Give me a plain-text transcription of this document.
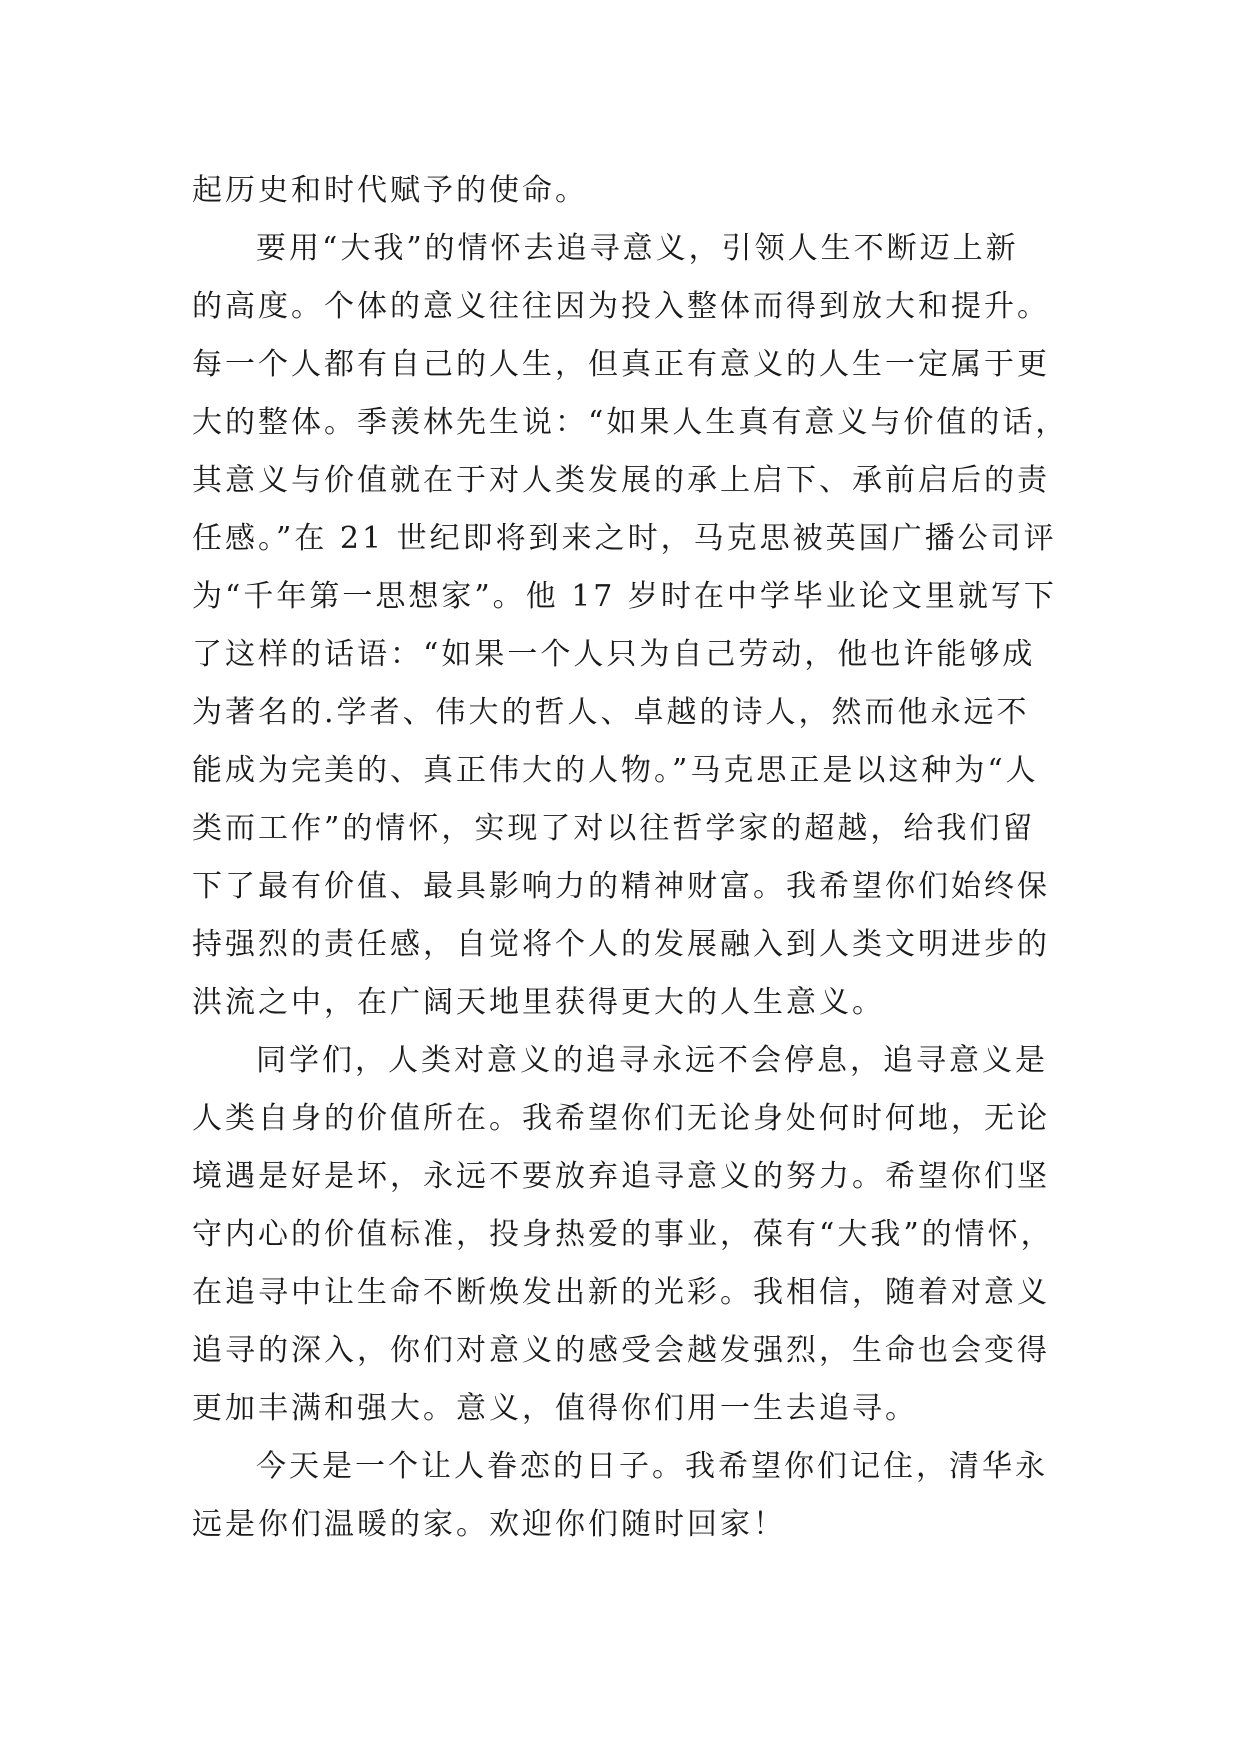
起历史和时代赋予的使命。
要用“大我”的情怀去追寻意义，引领人生不断迈上新
的高度。个体的意义往往因为投入整体而得到放大和提升。
每一个人都有自己的人生，但真正有意义的人生一定属于更
大的整体。季羡林先生说：“如果人生真有意义与价值的话，
其意义与价值就在于对人类发展的承上启下、承前启后的责
任感。”在 21 世纪即将到来之时，马克思被英国广播公司评
为“千年第一思想家”。他 17 岁时在中学毕业论文里就写下
了这样的话语：“如果一个人只为自己劳动，他也许能够成
为著名的.学者、伟大的哲人、卓越的诗人，然而他永远不
能成为完美的、真正伟大的人物。”马克思正是以这种为“人
类而工作”的情怀，实现了对以往哲学家的超越，给我们留
下了最有价值、最具影响力的精神财富。我希望你们始终保
持强烈的责任感，自觉将个人的发展融入到人类文明进步的
洪流之中，在广阔天地里获得更大的人生意义。
同学们，人类对意义的追寻永远不会停息，追寻意义是
人类自身的价值所在。我希望你们无论身处何时何地，无论
境遇是好是坏，永远不要放弃追寻意义的努力。希望你们坚
守内心的价值标准，投身热爱的事业，葆有“大我”的情怀，
在追寻中让生命不断焕发出新的光彩。我相信，随着对意义
追寻的深入，你们对意义的感受会越发强烈，生命也会变得
更加丰满和强大。意义，值得你们用一生去追寻。
今天是一个让人眷恋的日子。我希望你们记住，清华永
远是你们温暖的家。欢迎你们随时回家！
